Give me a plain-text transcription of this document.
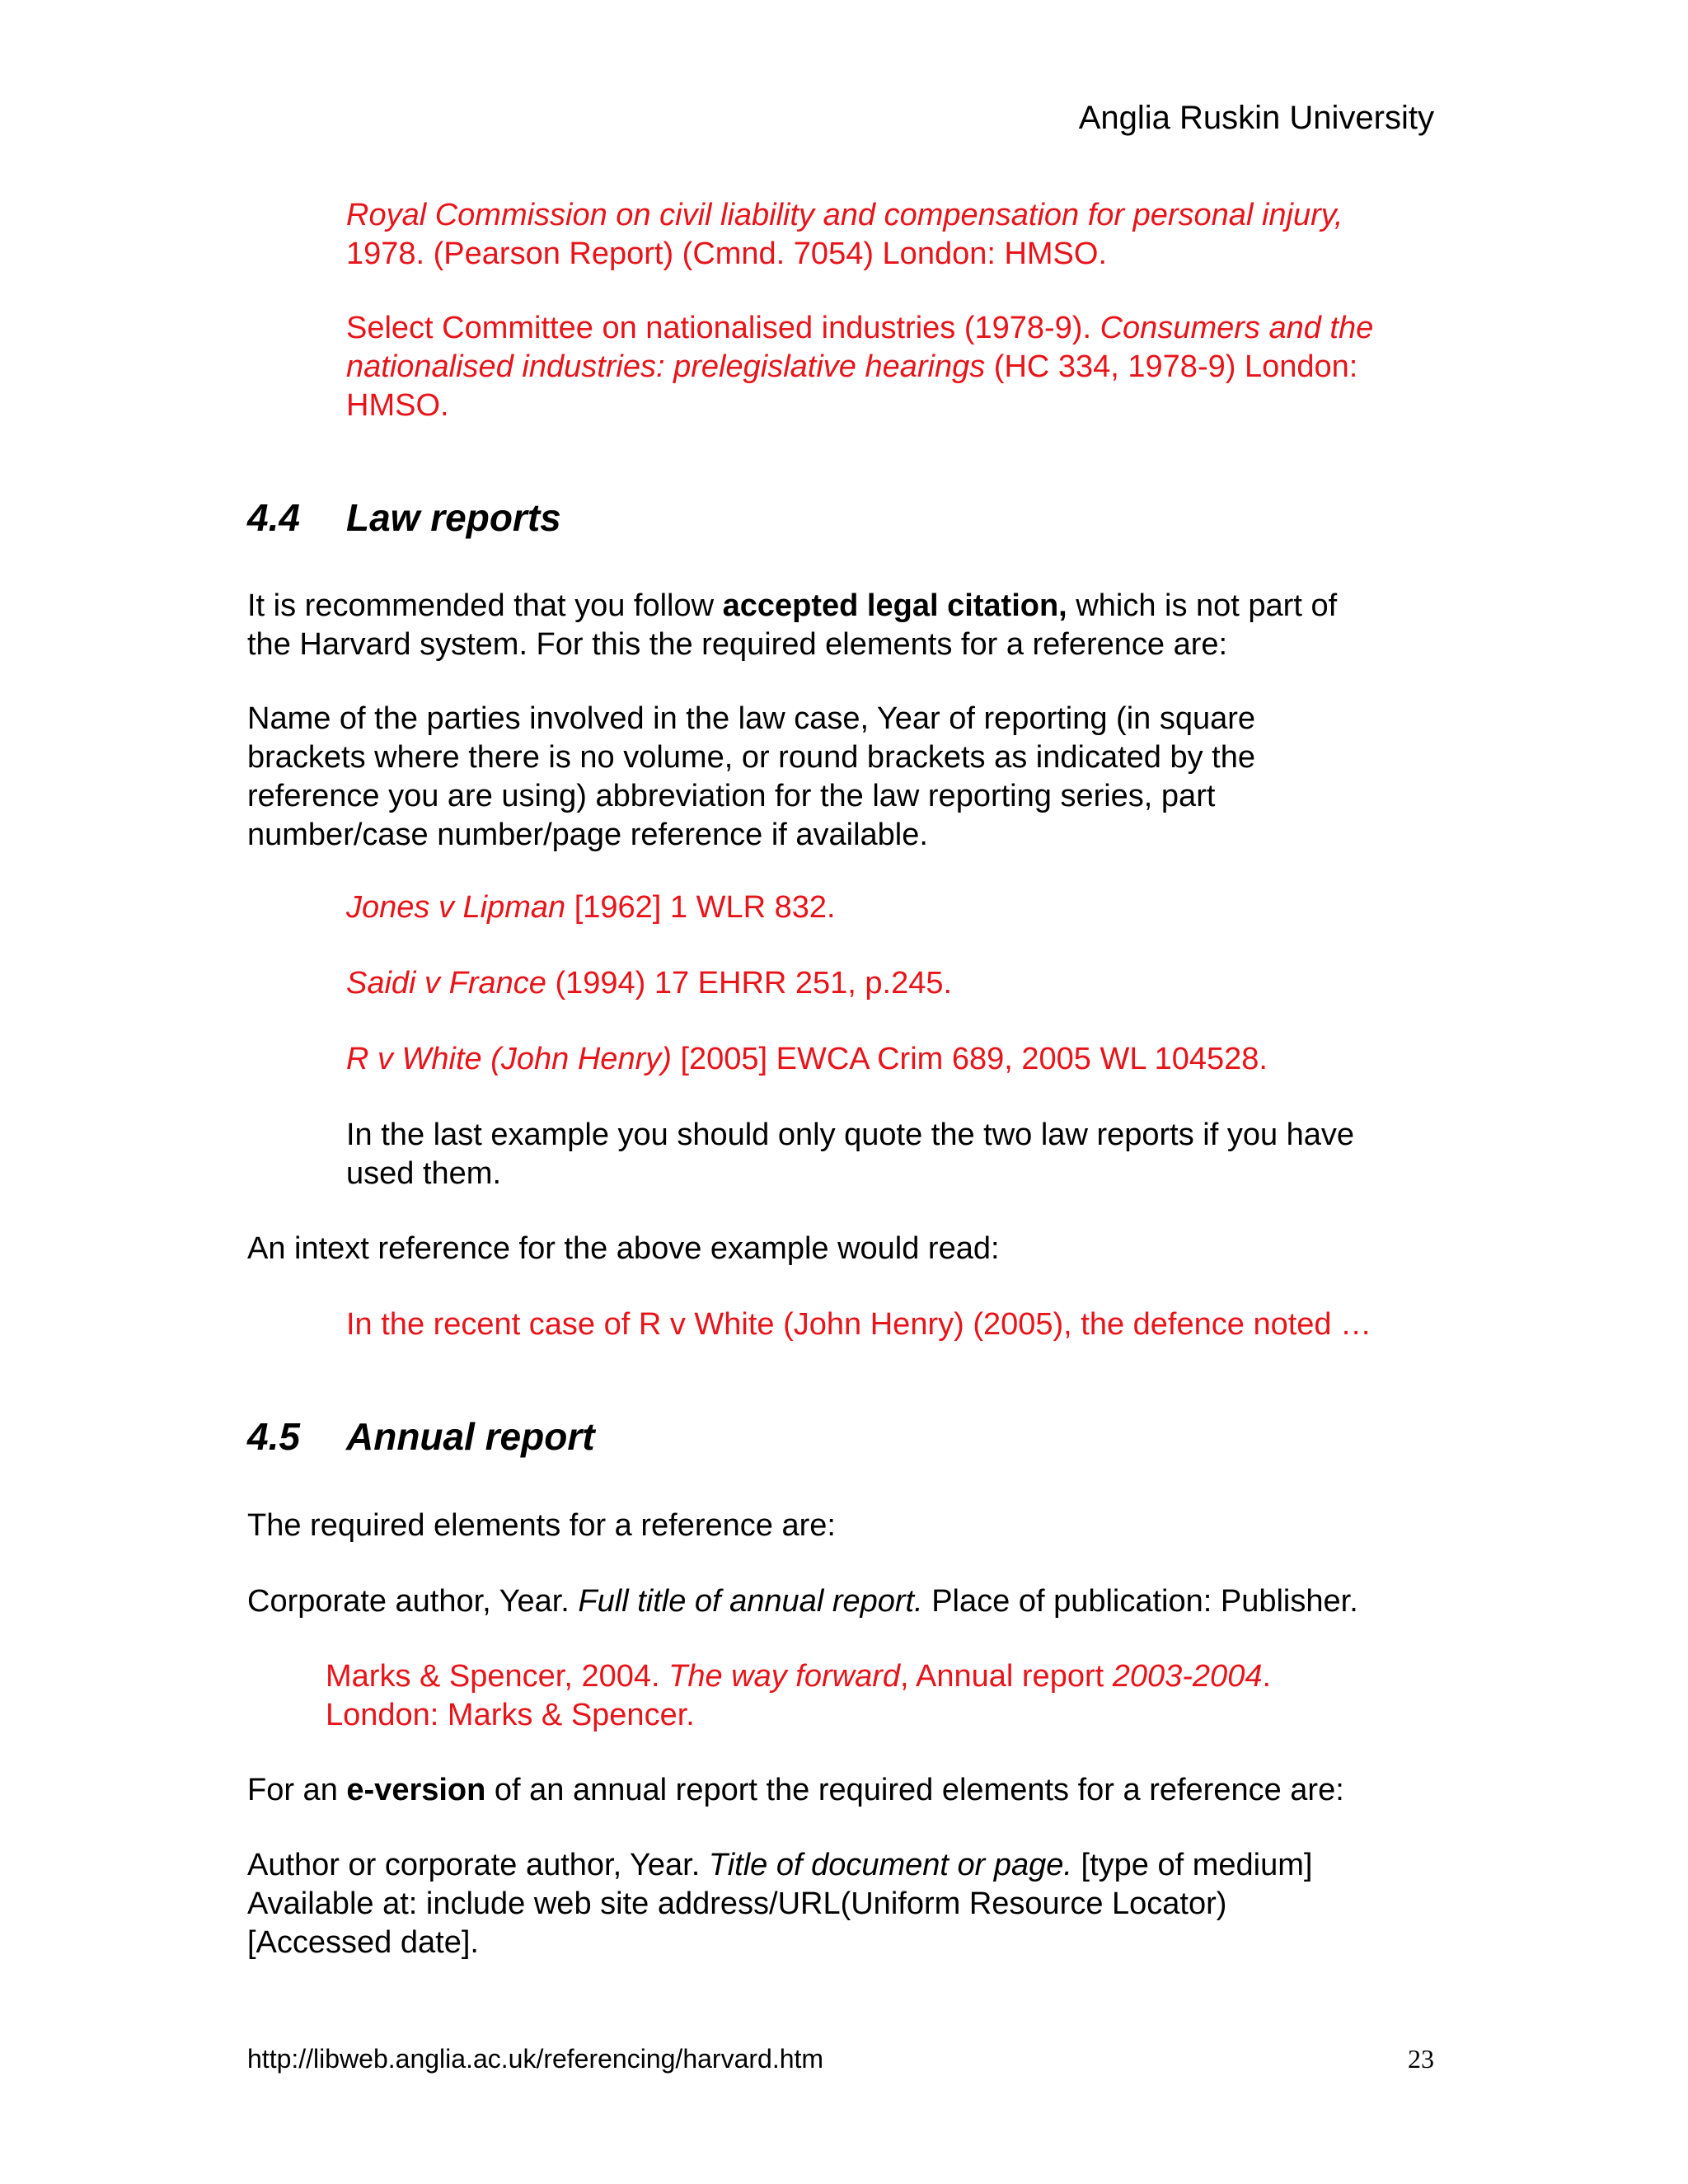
Anglia Ruskin University
Royal Commission on civil liability and compensation for personal injury,
1978. (Pearson Report) (Cmnd. 7054) London: HMSO.
Select Committee on nationalised industries (1978-9). Consumers and the
nationalised industries: prelegislative hearings (HC 334, 1978-9) London:
HMSO.
4.4 Law reports
It is recommended that you follow accepted legal citation, which is not part of
the Harvard system. For this the required elements for a reference are:
Name of the parties involved in the law case, Year of reporting (in square
brackets where there is no volume, or round brackets as indicated by the
reference you are using) abbreviation for the law reporting series, part
number/case number/page reference if available.
Jones v Lipman [1962] 1 WLR 832.
Saidi v France (1994) 17 EHRR 251, p.245.
R v White (John Henry) [2005] EWCA Crim 689, 2005 WL 104528.
In the last example you should only quote the two law reports if you have
used them.
An intext reference for the above example would read:
In the recent case of R v White (John Henry) (2005), the defence noted …
4.5 Annual report
The required elements for a reference are:
Corporate author, Year. Full title of annual report. Place of publication: Publisher.
Marks & Spencer, 2004. The way forward, Annual report 2003-2004.
London: Marks & Spencer.
For an e-version of an annual report the required elements for a reference are:
Author or corporate author, Year. Title of document or page. [type of medium]
Available at: include web site address/URL(Uniform Resource Locator)
[Accessed date].
http://libweb.anglia.ac.uk/referencing/harvard.htm	23
